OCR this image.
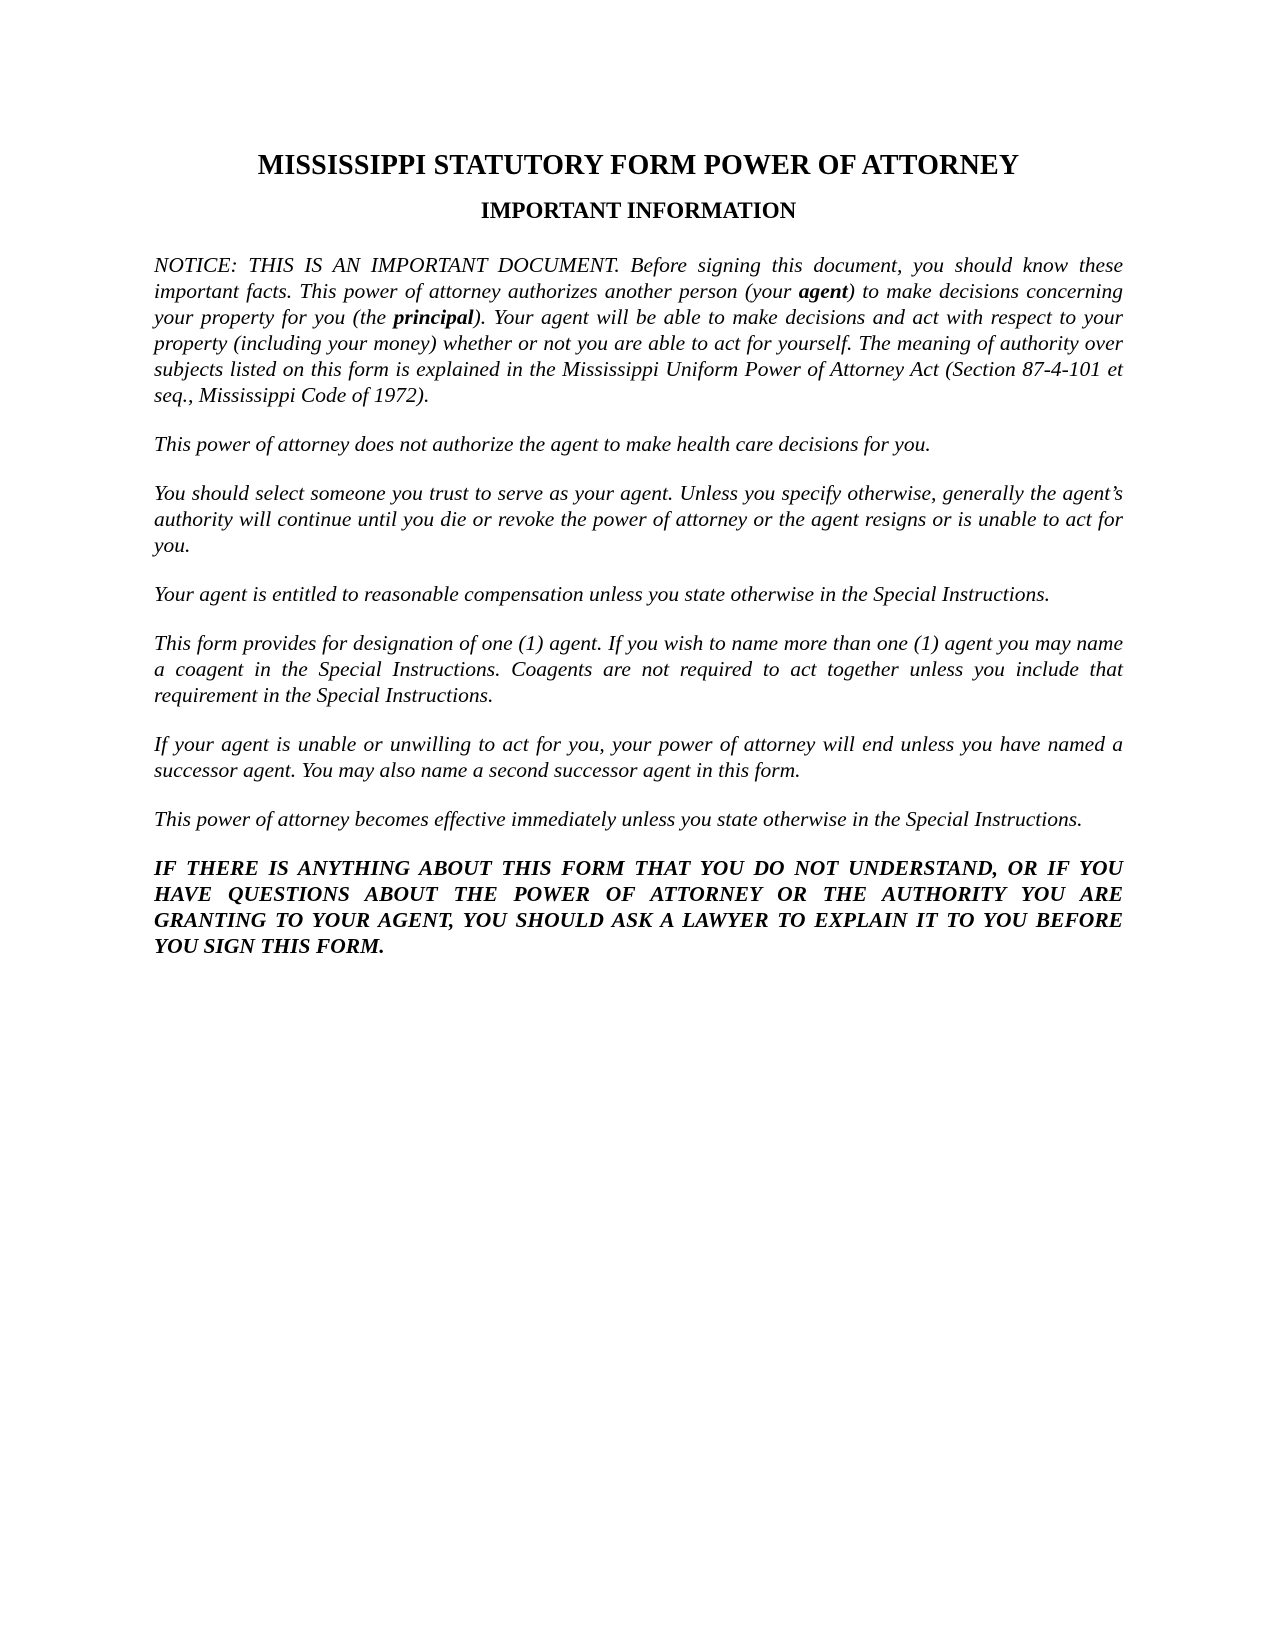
MISSISSIPPI STATUTORY FORM POWER OF ATTORNEY
IMPORTANT INFORMATION

NOTICE: THIS IS AN IMPORTANT DOCUMENT. Before signing this document, you should know these important facts. This power of attorney authorizes another person (your agent) to make decisions concerning your property for you (the principal). Your agent will be able to make decisions and act with respect to your property (including your money) whether or not you are able to act for yourself. The meaning of authority over subjects listed on this form is explained in the Mississippi Uniform Power of Attorney Act (Section 87-4-101 et seq., Mississippi Code of 1972).

This power of attorney does not authorize the agent to make health care decisions for you.

You should select someone you trust to serve as your agent. Unless you specify otherwise, generally the agent’s authority will continue until you die or revoke the power of attorney or the agent resigns or is unable to act for you.

Your agent is entitled to reasonable compensation unless you state otherwise in the Special Instructions.

This form provides for designation of one (1) agent. If you wish to name more than one (1) agent you may name a coagent in the Special Instructions. Coagents are not required to act together unless you include that requirement in the Special Instructions.

If your agent is unable or unwilling to act for you, your power of attorney will end unless you have named a successor agent. You may also name a second successor agent in this form.

This power of attorney becomes effective immediately unless you state otherwise in the Special Instructions.

IF THERE IS ANYTHING ABOUT THIS FORM THAT YOU DO NOT UNDERSTAND, OR IF YOU HAVE QUESTIONS ABOUT THE POWER OF ATTORNEY OR THE AUTHORITY YOU ARE GRANTING TO YOUR AGENT, YOU SHOULD ASK A LAWYER TO EXPLAIN IT TO YOU BEFORE YOU SIGN THIS FORM.
